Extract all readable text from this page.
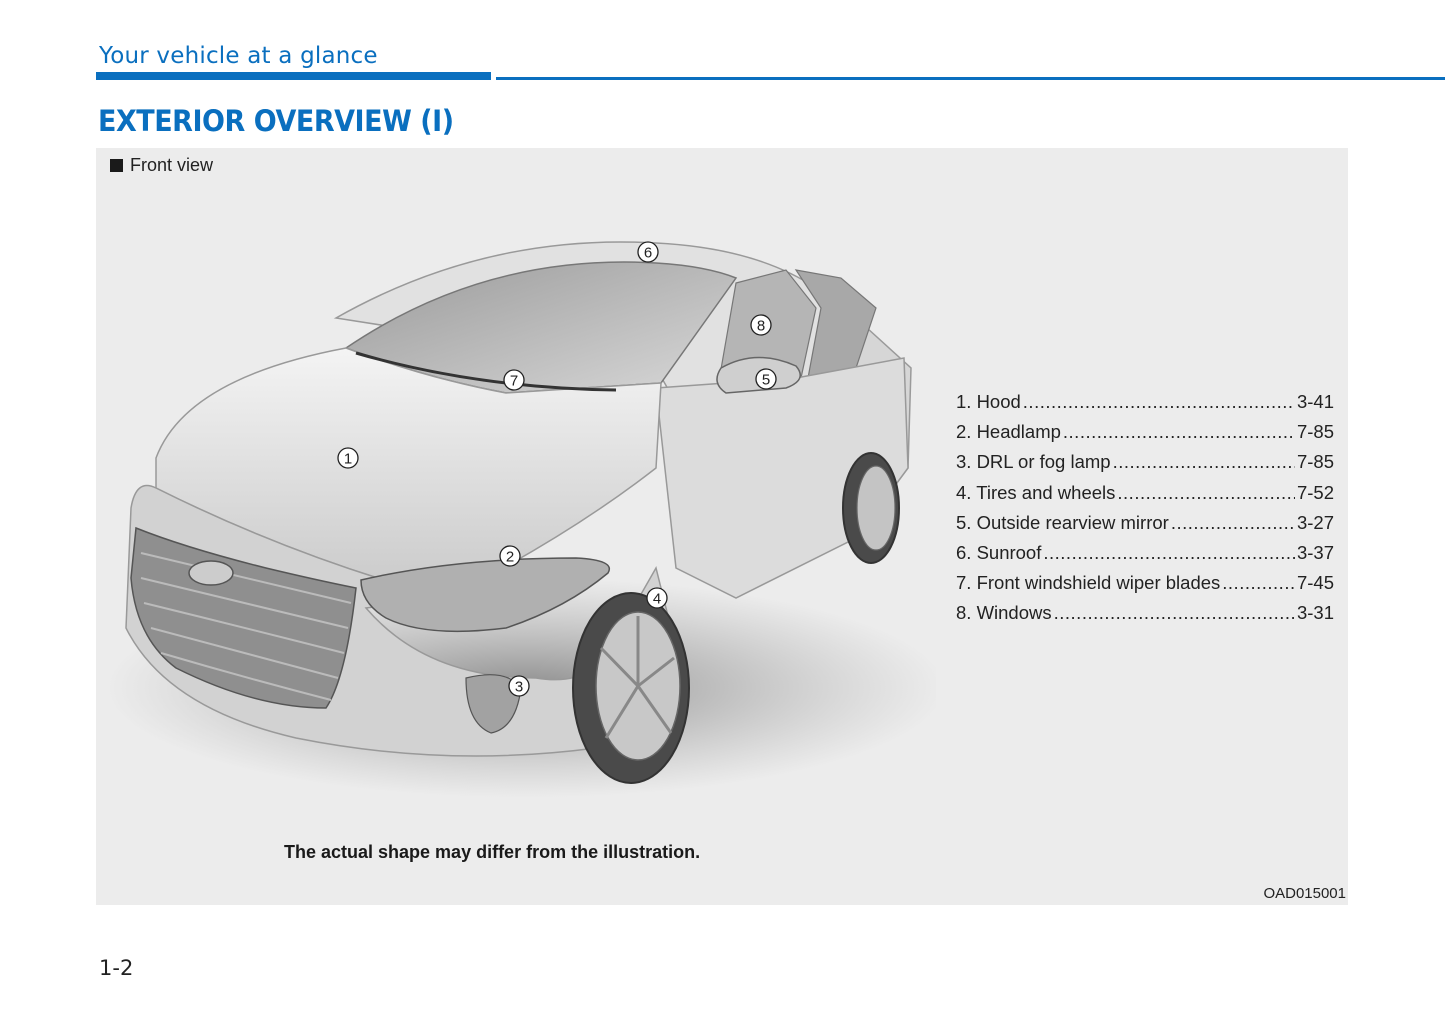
Your vehicle at a glance
EXTERIOR OVERVIEW (I)
Front view
1
2
3
4
5
6
7
8
1. Hood .....	3-41
2. Headlamp .....	7-85
3. DRL or fog lamp .....	7-85
4. Tires and wheels .....	7-52
5. Outside rearview mirror .....	3-27
6. Sunroof .....	3-37
7. Front windshield wiper blades .....	7-45
8. Windows .....	3-31
The actual shape may differ from the illustration.
OAD015001
1-2
